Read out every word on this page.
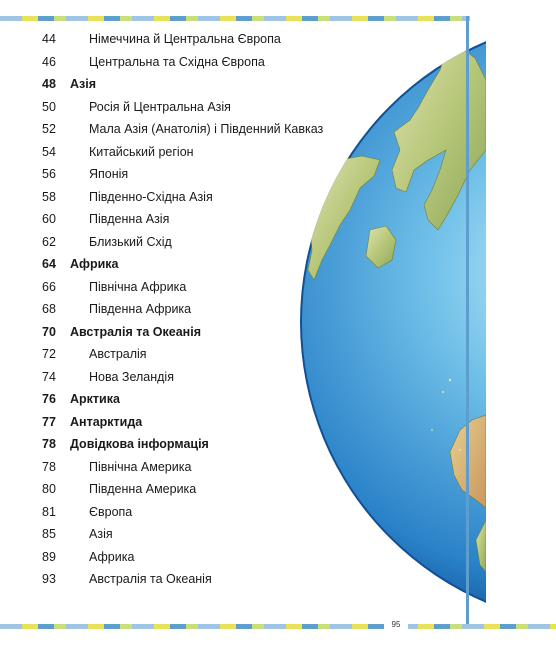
44	Німеччина й Центральна Європа
46	Центральна та Східна Європа
48 Азія
50	Росія й Центральна Азія
52	Мала Азія (Анатолія) і Південний Кавказ
54	Китайський регіон
56	Японія
58	Південно-Східна Азія
60	Південна Азія
62	Близький Схід
64 Африка
66	Північна Африка
68	Південна Африка
70 Австралія та Океанія
72	Австралія
74	Нова Зеландія
76 Арктика
77 Антарктида
78 Довідкова інформація
78	Північна Америка
80	Південна Америка
81	Європа
85	Азія
89	Африка
93	Австралія та Океанія
95
